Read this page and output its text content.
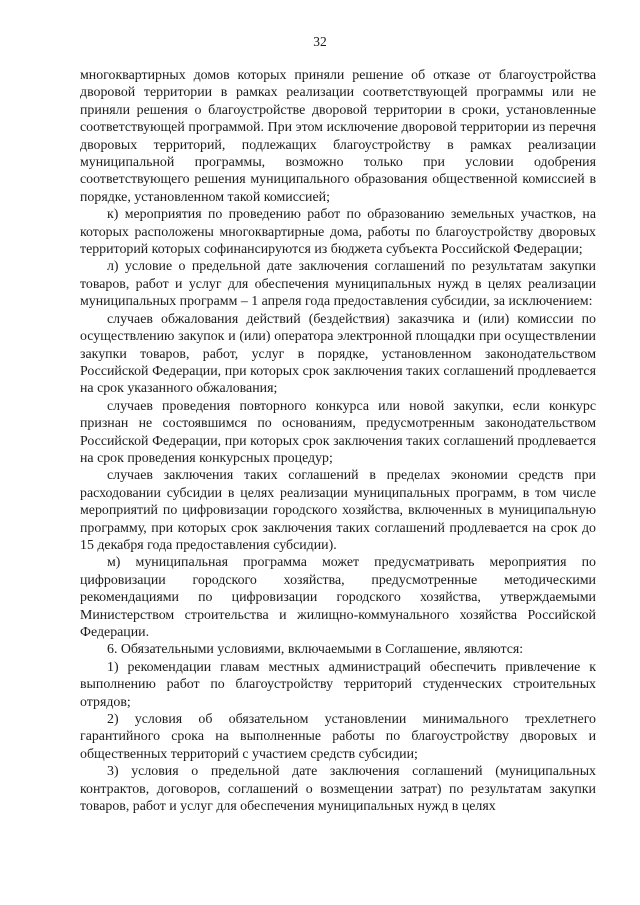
32

многоквартирных домов которых приняли решение об отказе от благоустройства дворовой территории в рамках реализации соответствующей программы или не приняли решения о благоустройстве дворовой территории в сроки, установленные соответствующей программой. При этом исключение дворовой территории из перечня дворовых территорий, подлежащих благоустройству в рамках реализации муниципальной программы, возможно только при условии одобрения соответствующего решения муниципального образования общественной комиссией в порядке, установленном такой комиссией;

к) мероприятия по проведению работ по образованию земельных участков, на которых расположены многоквартирные дома, работы по благоустройству дворовых территорий которых софинансируются из бюджета субъекта Российской Федерации;

л) условие о предельной дате заключения соглашений по результатам закупки товаров, работ и услуг для обеспечения муниципальных нужд в целях реализации муниципальных программ – 1 апреля года предоставления субсидии, за исключением:

случаев обжалования действий (бездействия) заказчика и (или) комиссии по осуществлению закупок и (или) оператора электронной площадки при осуществлении закупки товаров, работ, услуг в порядке, установленном законодательством Российской Федерации, при которых срок заключения таких соглашений продлевается на срок указанного обжалования;

случаев проведения повторного конкурса или новой закупки, если конкурс признан не состоявшимся по основаниям, предусмотренным законодательством Российской Федерации, при которых срок заключения таких соглашений продлевается на срок проведения конкурсных процедур;

случаев заключения таких соглашений в пределах экономии средств при расходовании субсидии в целях реализации муниципальных программ, в том числе мероприятий по цифровизации городского хозяйства, включенных в муниципальную программу, при которых срок заключения таких соглашений продлевается на срок до 15 декабря года предоставления субсидии).

м) муниципальная программа может предусматривать мероприятия по цифровизации городского хозяйства, предусмотренные методическими рекомендациями по цифровизации городского хозяйства, утверждаемыми Министерством строительства и жилищно-коммунального хозяйства Российской Федерации.

6. Обязательными условиями, включаемыми в Соглашение, являются:

1) рекомендации главам местных администраций обеспечить привлечение к выполнению работ по благоустройству территорий студенческих строительных отрядов;

2) условия об обязательном установлении минимального трехлетнего гарантийного срока на выполненные работы по благоустройству дворовых и общественных территорий с участием средств субсидии;

3) условия о предельной дате заключения соглашений (муниципальных контрактов, договоров, соглашений о возмещении затрат) по результатам закупки товаров, работ и услуг для обеспечения муниципальных нужд в целях
